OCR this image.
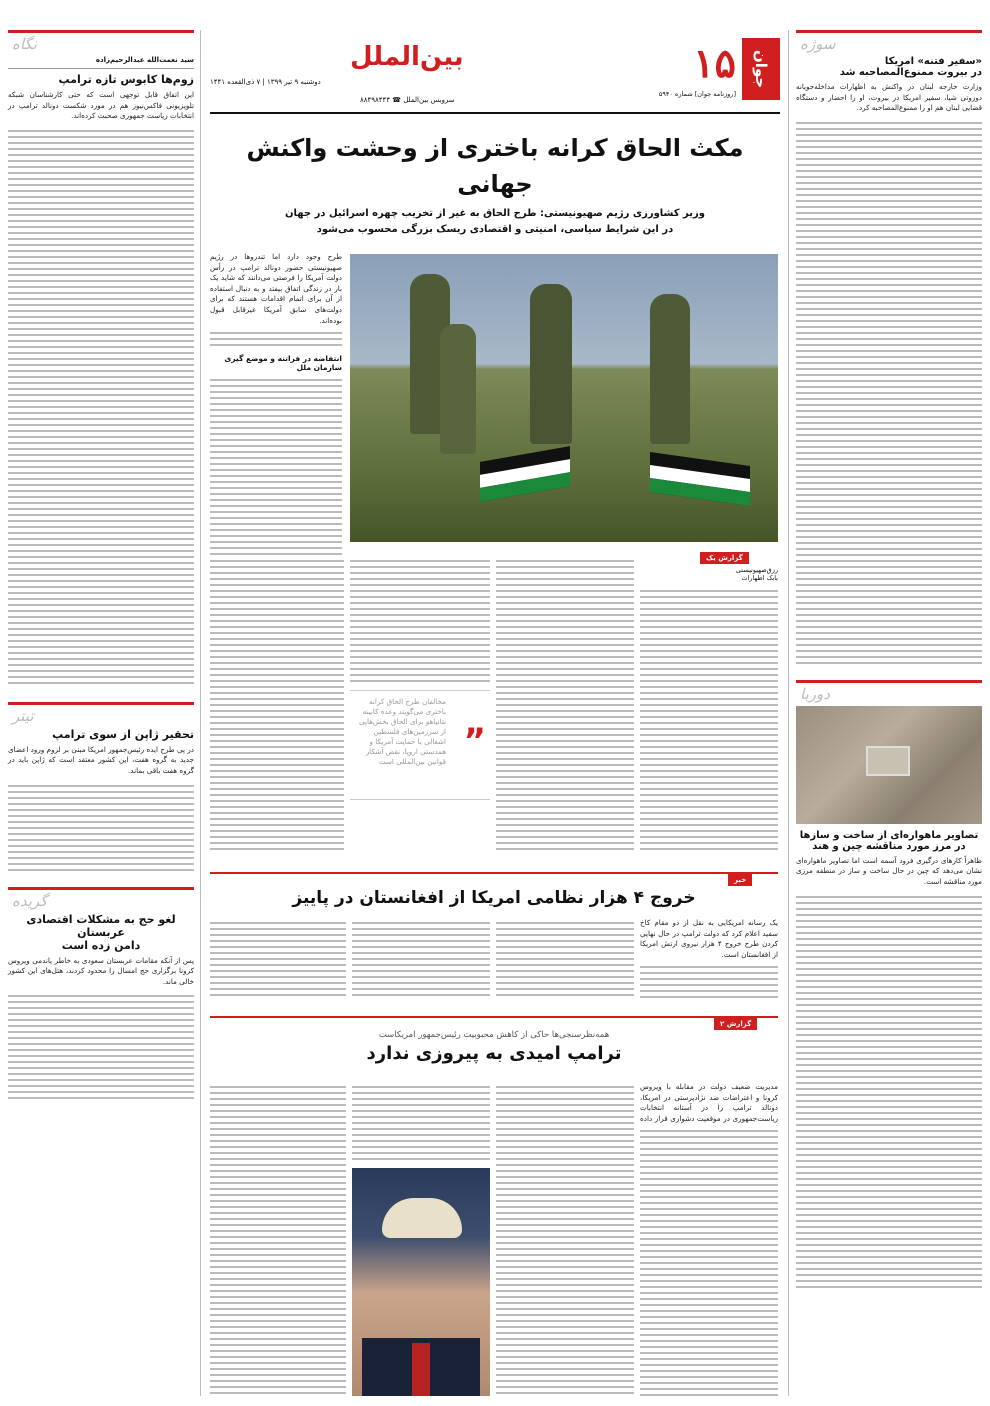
نگاه
سید نعمت‌الله عبدالرحیم‌زاده
زوم‌ها کابوس تازه ترامپ
این اتفاق قابل توجهی است که حتی کارشناسان شبکه تلویزیونی فاکس‌نیوز هم در مورد شکست دونالد ترامپ در انتخابات ریاست جمهوری صحبت کرده‌اند.
تیتر
تحقیر ژاپن از سوی ترامپ
در پی طرح ایده رئیس‌جمهور امریکا مبنی بر لزوم ورود اعضای جدید به گروه هفت، این کشور معتقد است که ژاپن باید در گروه هفت باقی بماند.
گریده
لغو حج به مشکلات اقتصادی عربستان
دامن زده است
پس از آنکه مقامات عربستان سعودی به خاطر پاندمی ویروس کرونا برگزاری حج امسال را محدود کردند، هتل‌های این کشور خالی ماند.
جوان
۱۵
[روزنامه جوان] شماره ۵۹۴۰
بین‌الملل
دوشنبه ۹ تیر ۱۳۹۹ | ۷ ذی‌القعده ۱۴۴۱
سرویس بین‌الملل ☎ ۸۸۴۹۸۴۴۴
مکث الحاق کرانه باختری از وحشت واکنش جهانی
وزیر کشاورزی رژیم صهیونیستی: طرح الحاق به غیر از تخریب چهره اسرائیل در جهان
در این شرایط سیاسی، امنیتی و اقتصادی ریسک بزرگی محسوب می‌شود
طرح وجود دارد اما تندروها در رژیم صهیونیستی حضور دونالد ترامپ در رأس دولت آمریکا را فرصتی می‌دانند که شاید یک بار در زندگی اتفاق بیفتد و به دنبال استفاده از آن برای اتمام اقدامات هستند که برای دولت‌های سابق آمریکا غیرقابل قبول بوده‌اند.
انتفاضه در فراتنه و موضع گیری سازمان ملل
گزارش یک
رزق‌صهیونیستی
بابک اظهارات
مخالفان طرح الحاق کرانه باختری می‌گویند وعده کابینه نتانیاهو برای الحاق بخش‌هایی از سرزمین‌های فلسطین اشغالی با حمایت آمریکا و همدستی اروپا، نقض آشکار قوانین بین‌المللی است
”
خبر
خروج ۴ هزار نظامی امریکا از افغانستان در پاییز
یک رسانه امریکایی به نقل از دو مقام کاخ سفید اعلام کرد که دولت ترامپ در حال نهایی کردن طرح خروج ۴ هزار نیروی ارتش امریکا از افغانستان است.
گزارش ۲
همه‌نظرسنجی‌ها حاکی از کاهش محبوبیت رئیس‌جمهور امریکاست
ترامپ امیدی به پیروزی ندارد
مدیریت ضعیف دولت در مقابله با ویروس کرونا و اعتراضات ضد نژادپرستی در امریکا، دونالد ترامپ را در آستانه انتخابات ریاست‌جمهوری در موقعیت دشواری قرار داده
سوژه
«سفیر فتنه» امریکا
در بیروت ممنوع‌المصاحبه شد
وزارت خارجه لبنان در واکنش به اظهارات مداخله‌جویانه دوروتی شیا، سفیر امریکا در بیروت، او را احضار و دستگاه قضایی لبنان هم او را ممنوع‌المصاحبه کرد.
دوربا
تصاویر ماهواره‌ای از ساخت و سازها
در مرز مورد مناقشه چین و هند
ظاهراً کارهای درگیری فرود آسمه است اما تصاویر ماهواره‌ای نشان می‌دهد که چین در حال ساخت و ساز در منطقه مرزی مورد مناقشه است.
